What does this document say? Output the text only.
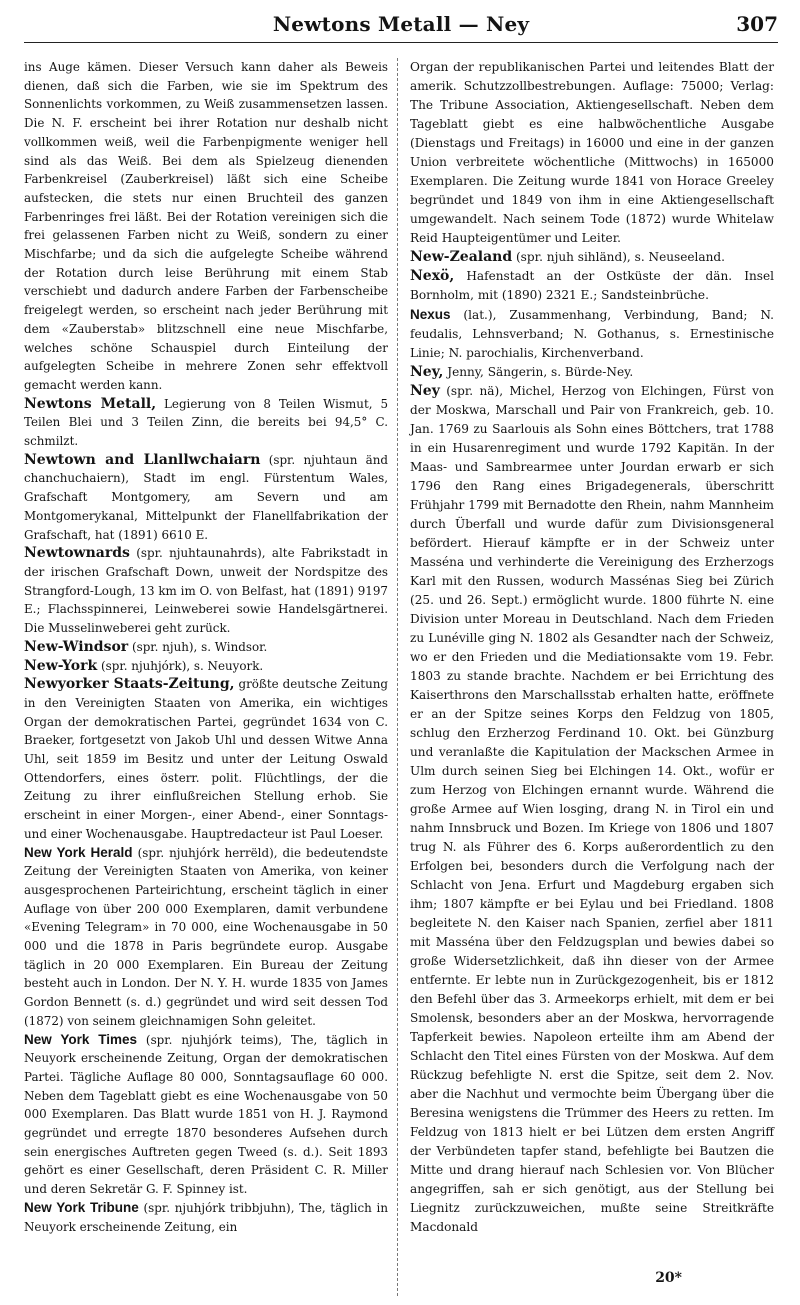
Newtons Metall — Ney	307

ins Auge kämen. Dieser Versuch kann daher als Beweis dienen, daß sich die Farben, wie sie im Spektrum des Sonnenlichts vorkommen, zu Weiß zusammensetzen lassen. Die N. F. erscheint bei ihrer Rotation nur deshalb nicht vollkommen weiß, weil die Farbenpigmente weniger hell sind als das Weiß. Bei dem als Spielzeug dienenden Farbenkreisel (Zauberkreisel) läßt sich eine Scheibe aufstecken, die stets nur einen Bruchteil des ganzen Farbenringes frei läßt. Bei der Rotation vereinigen sich die frei gelassenen Farben nicht zu Weiß, sondern zu einer Mischfarbe; und da sich die aufgelegte Scheibe während der Rotation durch leise Berührung mit einem Stab verschiebt und dadurch andere Farben der Farbenscheibe freigelegt werden, so erscheint nach jeder Berührung mit dem «Zauberstab» blitzschnell eine neue Mischfarbe, welches schöne Schauspiel durch Einteilung der aufgelegten Scheibe in mehrere Zonen sehr effektvoll gemacht werden kann.

Newtons Metall, Legierung von 8 Teilen Wismut, 5 Teilen Blei und 3 Teilen Zinn, die bereits bei 94,5° C. schmilzt.

Newtown and Llanllwchaiarn (spr. njuhtaun änd chanchuchaiern), Stadt im engl. Fürstentum Wales, Grafschaft Montgomery, am Severn und am Montgomerykanal, Mittelpunkt der Flanellfabrikation der Grafschaft, hat (1891) 6610 E.

Newtownards (spr. njuhtaunahrds), alte Fabrikstadt in der irischen Grafschaft Down, unweit der Nordspitze des Strangford-Lough, 13 km im O. von Belfast, hat (1891) 9197 E.; Flachsspinnerei, Leinweberei sowie Handelsgärtnerei. Die Musselinweberei geht zurück.

New-Windsor (spr. njuh), s. Windsor.

New-York (spr. njuhjórk), s. Neuyork.

Newyorker Staats-Zeitung, größte deutsche Zeitung in den Vereinigten Staaten von Amerika, ein wichtiges Organ der demokratischen Partei, gegründet 1634 von C. Braeker, fortgesetzt von Jakob Uhl und dessen Witwe Anna Uhl, seit 1859 im Besitz und unter der Leitung Oswald Ottendorfers, eines österr. polit. Flüchtlings, der die Zeitung zu ihrer einflußreichen Stellung erhob. Sie erscheint in einer Morgen-, einer Abend-, einer Sonntags- und einer Wochenausgabe. Hauptredacteur ist Paul Loeser.

New York Herald (spr. njuhjórk herrëld), die bedeutendste Zeitung der Vereinigten Staaten von Amerika, von keiner ausgesprochenen Parteirichtung, erscheint täglich in einer Auflage von über 200 000 Exemplaren, damit verbundene «Evening Telegram» in 70 000, eine Wochenausgabe in 50 000 und die 1878 in Paris begründete europ. Ausgabe täglich in 20 000 Exemplaren. Ein Bureau der Zeitung besteht auch in London. Der N. Y. H. wurde 1835 von James Gordon Bennett (s. d.) gegründet und wird seit dessen Tod (1872) von seinem gleichnamigen Sohn geleitet.

New York Times (spr. njuhjórk teims), The, täglich in Neuyork erscheinende Zeitung, Organ der demokratischen Partei. Tägliche Auflage 80 000, Sonntagsauflage 60 000. Neben dem Tageblatt giebt es eine Wochenausgabe von 50 000 Exemplaren. Das Blatt wurde 1851 von H. J. Raymond gegründet und erregte 1870 besonderes Aufsehen durch sein energisches Auftreten gegen Tweed (s. d.). Seit 1893 gehört es einer Gesellschaft, deren Präsident C. R. Miller und deren Sekretär G. F. Spinney ist.

New York Tribune (spr. njuhjórk tribbjuhn), The, täglich in Neuyork erscheinende Zeitung, ein

Organ der republikanischen Partei und leitendes Blatt der amerik. Schutzzollbestrebungen. Auflage: 75000; Verlag: The Tribune Association, Aktiengesellschaft. Neben dem Tageblatt giebt es eine halbwöchentliche Ausgabe (Dienstags und Freitags) in 16000 und eine in der ganzen Union verbreitete wöchentliche (Mittwochs) in 165000 Exemplaren. Die Zeitung wurde 1841 von Horace Greeley begründet und 1849 von ihm in eine Aktiengesellschaft umgewandelt. Nach seinem Tode (1872) wurde Whitelaw Reid Haupteigentümer und Leiter.

New-Zealand (spr. njuh sihländ), s. Neuseeland.

Nexö, Hafenstadt an der Ostküste der dän. Insel Bornholm, mit (1890) 2321 E.; Sandsteinbrüche.

Nexus (lat.), Zusammenhang, Verbindung, Band; N. feudalis, Lehnsverband; N. Gothanus, s. Ernestinische Linie; N. parochialis, Kirchenverband.

Ney, Jenny, Sängerin, s. Bürde-Ney.

Ney (spr. nä), Michel, Herzog von Elchingen, Fürst von der Moskwa, Marschall und Pair von Frankreich, geb. 10. Jan. 1769 zu Saarlouis als Sohn eines Böttchers, trat 1788 in ein Husarenregiment und wurde 1792 Kapitän. In der Maas- und Sambrearmee unter Jourdan erwarb er sich 1796 den Rang eines Brigadegenerals, überschritt Frühjahr 1799 mit Bernadotte den Rhein, nahm Mannheim durch Überfall und wurde dafür zum Divisionsgeneral befördert. Hierauf kämpfte er in der Schweiz unter Masséna und verhinderte die Vereinigung des Erzherzogs Karl mit den Russen, wodurch Massénas Sieg bei Zürich (25. und 26. Sept.) ermöglicht wurde. 1800 führte N. eine Division unter Moreau in Deutschland. Nach dem Frieden zu Lunéville ging N. 1802 als Gesandter nach der Schweiz, wo er den Frieden und die Mediationsakte vom 19. Febr. 1803 zu stande brachte. Nachdem er bei Errichtung des Kaiserthrons den Marschallsstab erhalten hatte, eröffnete er an der Spitze seines Korps den Feldzug von 1805, schlug den Erzherzog Ferdinand 10. Okt. bei Günzburg und veranlaßte die Kapitulation der Mackschen Armee in Ulm durch seinen Sieg bei Elchingen 14. Okt., wofür er zum Herzog von Elchingen ernannt wurde. Während die große Armee auf Wien losging, drang N. in Tirol ein und nahm Innsbruck und Bozen. Im Kriege von 1806 und 1807 trug N. als Führer des 6. Korps außerordentlich zu den Erfolgen bei, besonders durch die Verfolgung nach der Schlacht von Jena. Erfurt und Magdeburg ergaben sich ihm; 1807 kämpfte er bei Eylau und bei Friedland. 1808 begleitete N. den Kaiser nach Spanien, zerfiel aber 1811 mit Masséna über den Feldzugsplan und bewies dabei so große Widersetzlichkeit, daß ihn dieser von der Armee entfernte. Er lebte nun in Zurückgezogenheit, bis er 1812 den Befehl über das 3. Armeekorps erhielt, mit dem er bei Smolensk, besonders aber an der Moskwa, hervorragende Tapferkeit bewies. Napoleon erteilte ihm am Abend der Schlacht den Titel eines Fürsten von der Moskwa. Auf dem Rückzug befehligte N. erst die Spitze, seit dem 2. Nov. aber die Nachhut und vermochte beim Übergang über die Beresina wenigstens die Trümmer des Heers zu retten. Im Feldzug von 1813 hielt er bei Lützen dem ersten Angriff der Verbündeten tapfer stand, befehligte bei Bautzen die Mitte und drang hierauf nach Schlesien vor. Von Blücher angegriffen, sah er sich genötigt, aus der Stellung bei Liegnitz zurückzuweichen, mußte seine Streitkräfte Macdonald

20*
